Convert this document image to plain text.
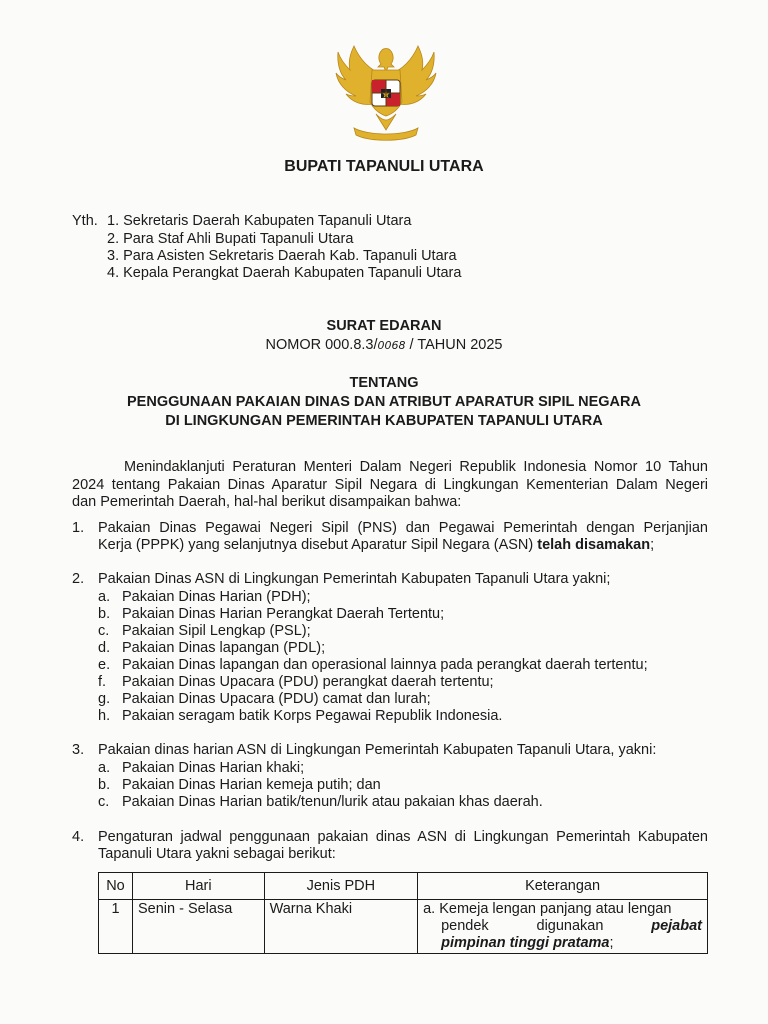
BUPATI TAPANULI UTARA
Yth. 1. Sekretaris Daerah Kabupaten Tapanuli Utara
2. Para Staf Ahli Bupati Tapanuli Utara
3. Para Asisten Sekretaris Daerah Kab. Tapanuli Utara
4. Kepala Perangkat Daerah Kabupaten Tapanuli Utara
SURAT EDARAN
NOMOR 000.8.3/0068 / TAHUN 2025
TENTANG
PENGGUNAAN PAKAIAN DINAS DAN ATRIBUT APARATUR SIPIL NEGARA
DI LINGKUNGAN PEMERINTAH KABUPATEN TAPANULI UTARA
Menindaklanjuti Peraturan Menteri Dalam Negeri Republik Indonesia Nomor 10 Tahun
2024 tentang Pakaian Dinas Aparatur Sipil Negara di Lingkungan Kementerian Dalam Negeri
dan Pemerintah Daerah, hal-hal berikut disampaikan bahwa:
1. Pakaian Dinas Pegawai Negeri Sipil (PNS) dan Pegawai Pemerintah dengan Perjanjian
Kerja (PPPK) yang selanjutnya disebut Aparatur Sipil Negara (ASN) telah disamakan;
2. Pakaian Dinas ASN di Lingkungan Pemerintah Kabupaten Tapanuli Utara yakni;
a. Pakaian Dinas Harian (PDH);
b. Pakaian Dinas Harian Perangkat Daerah Tertentu;
c. Pakaian Sipil Lengkap (PSL);
d. Pakaian Dinas lapangan (PDL);
e. Pakaian Dinas lapangan dan operasional lainnya pada perangkat daerah tertentu;
f. Pakaian Dinas Upacara (PDU) perangkat daerah tertentu;
g. Pakaian Dinas Upacara (PDU) camat dan lurah;
h. Pakaian seragam batik Korps Pegawai Republik Indonesia.
3. Pakaian dinas harian ASN di Lingkungan Pemerintah Kabupaten Tapanuli Utara, yakni:
a. Pakaian Dinas Harian khaki;
b. Pakaian Dinas Harian kemeja putih; dan
c. Pakaian Dinas Harian batik/tenun/lurik atau pakaian khas daerah.
4. Pengaturan jadwal penggunaan pakaian dinas ASN di Lingkungan Pemerintah Kabupaten
Tapanuli Utara yakni sebagai berikut:
No	Hari	Jenis PDH	Keterangan
1	Senin - Selasa	Warna Khaki	a. Kemeja lengan panjang atau lengan
pendek digunakan pejabat
pimpinan tinggi pratama;
